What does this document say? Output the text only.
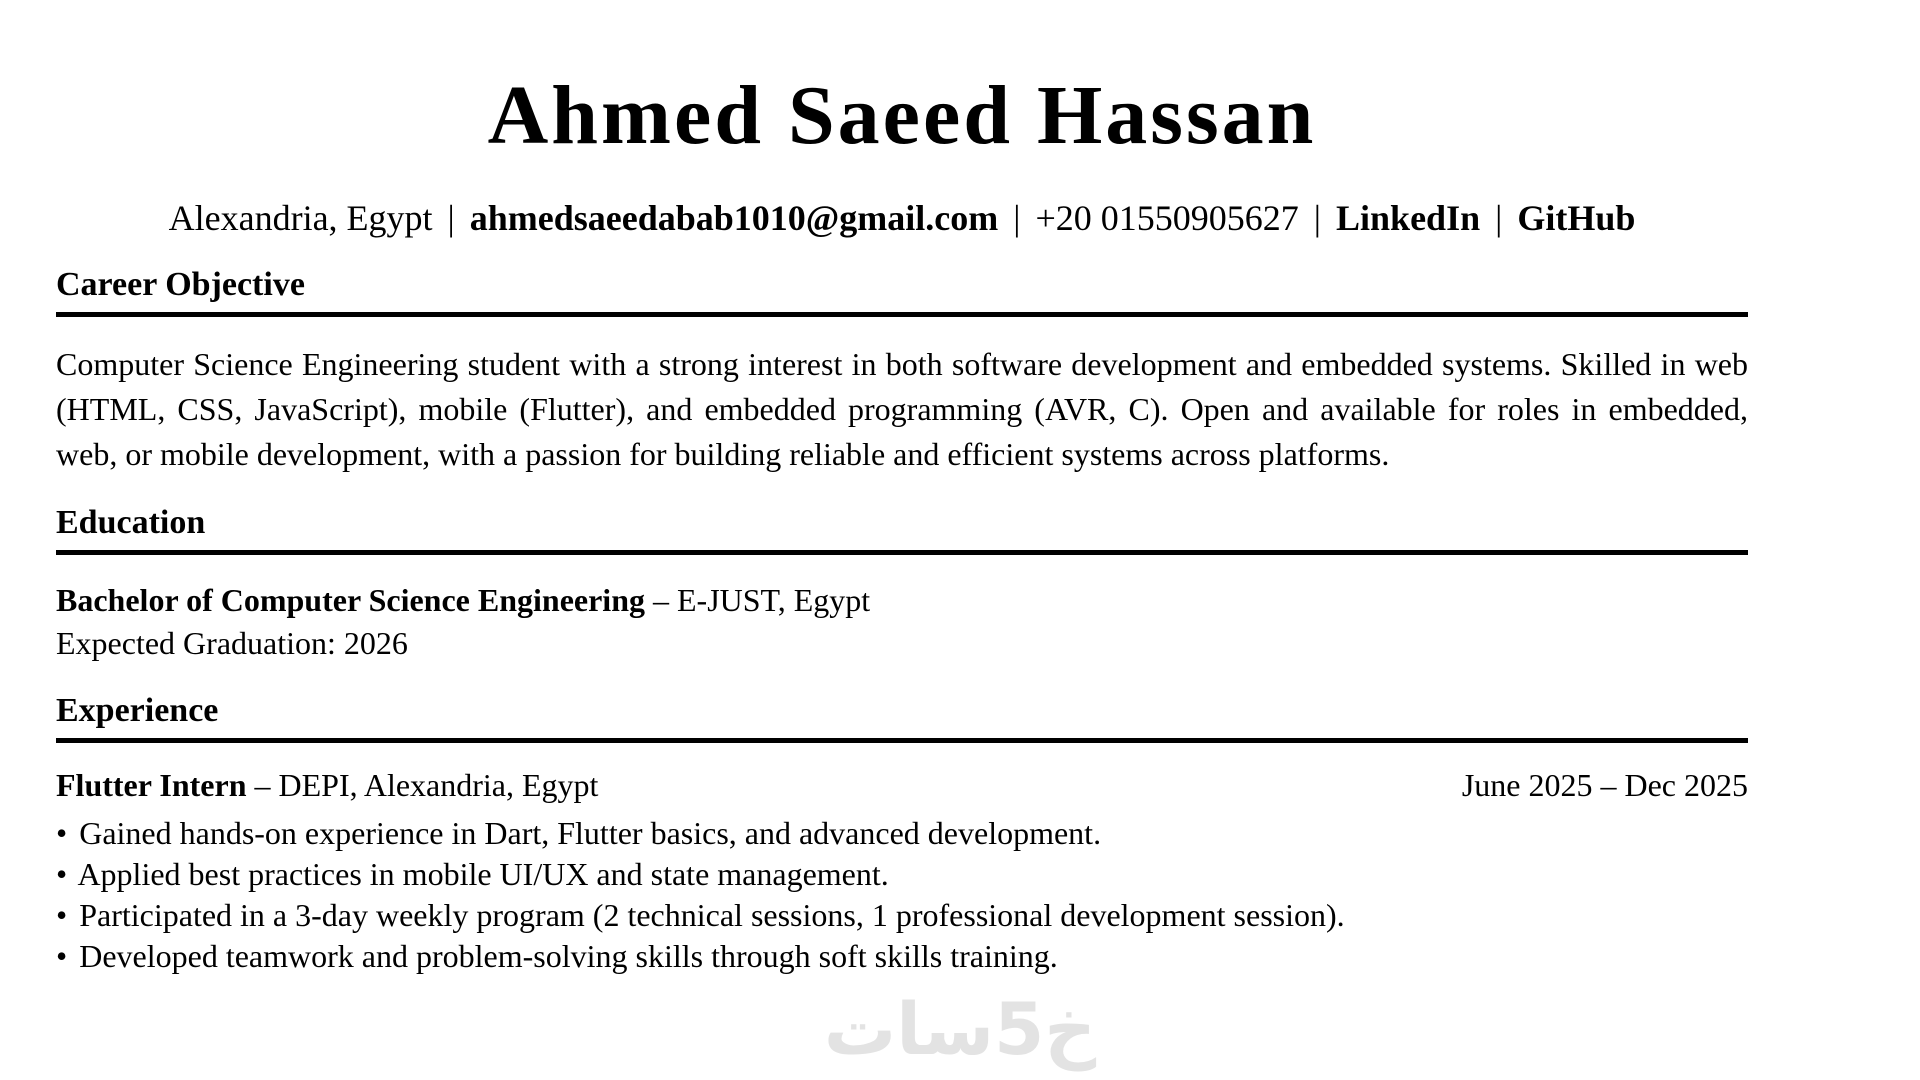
Ahmed Saeed Hassan
Alexandria, Egypt | ahmedsaeedabab1010@gmail.com | +20 01550905627 | LinkedIn | GitHub
Career Objective

Computer Science Engineering student with a strong interest in both software development and embedded systems. Skilled in web (HTML, CSS, JavaScript), mobile (Flutter), and embedded programming (AVR, C). Open and available for roles in embedded, web, or mobile development, with a passion for building reliable and efficient systems across platforms.

Education
Bachelor of Computer Science Engineering – E-JUST, Egypt
Expected Graduation: 2026
Experience
Flutter Intern – DEPI, Alexandria, Egypt	June 2025 – Dec 2025
• Gained hands-on experience in Dart, Flutter basics, and advanced development.
• Applied best practices in mobile UI/UX and state management.
• Participated in a 3-day weekly program (2 technical sessions, 1 professional development session).
• Developed teamwork and problem-solving skills through soft skills training.
خ5سات
